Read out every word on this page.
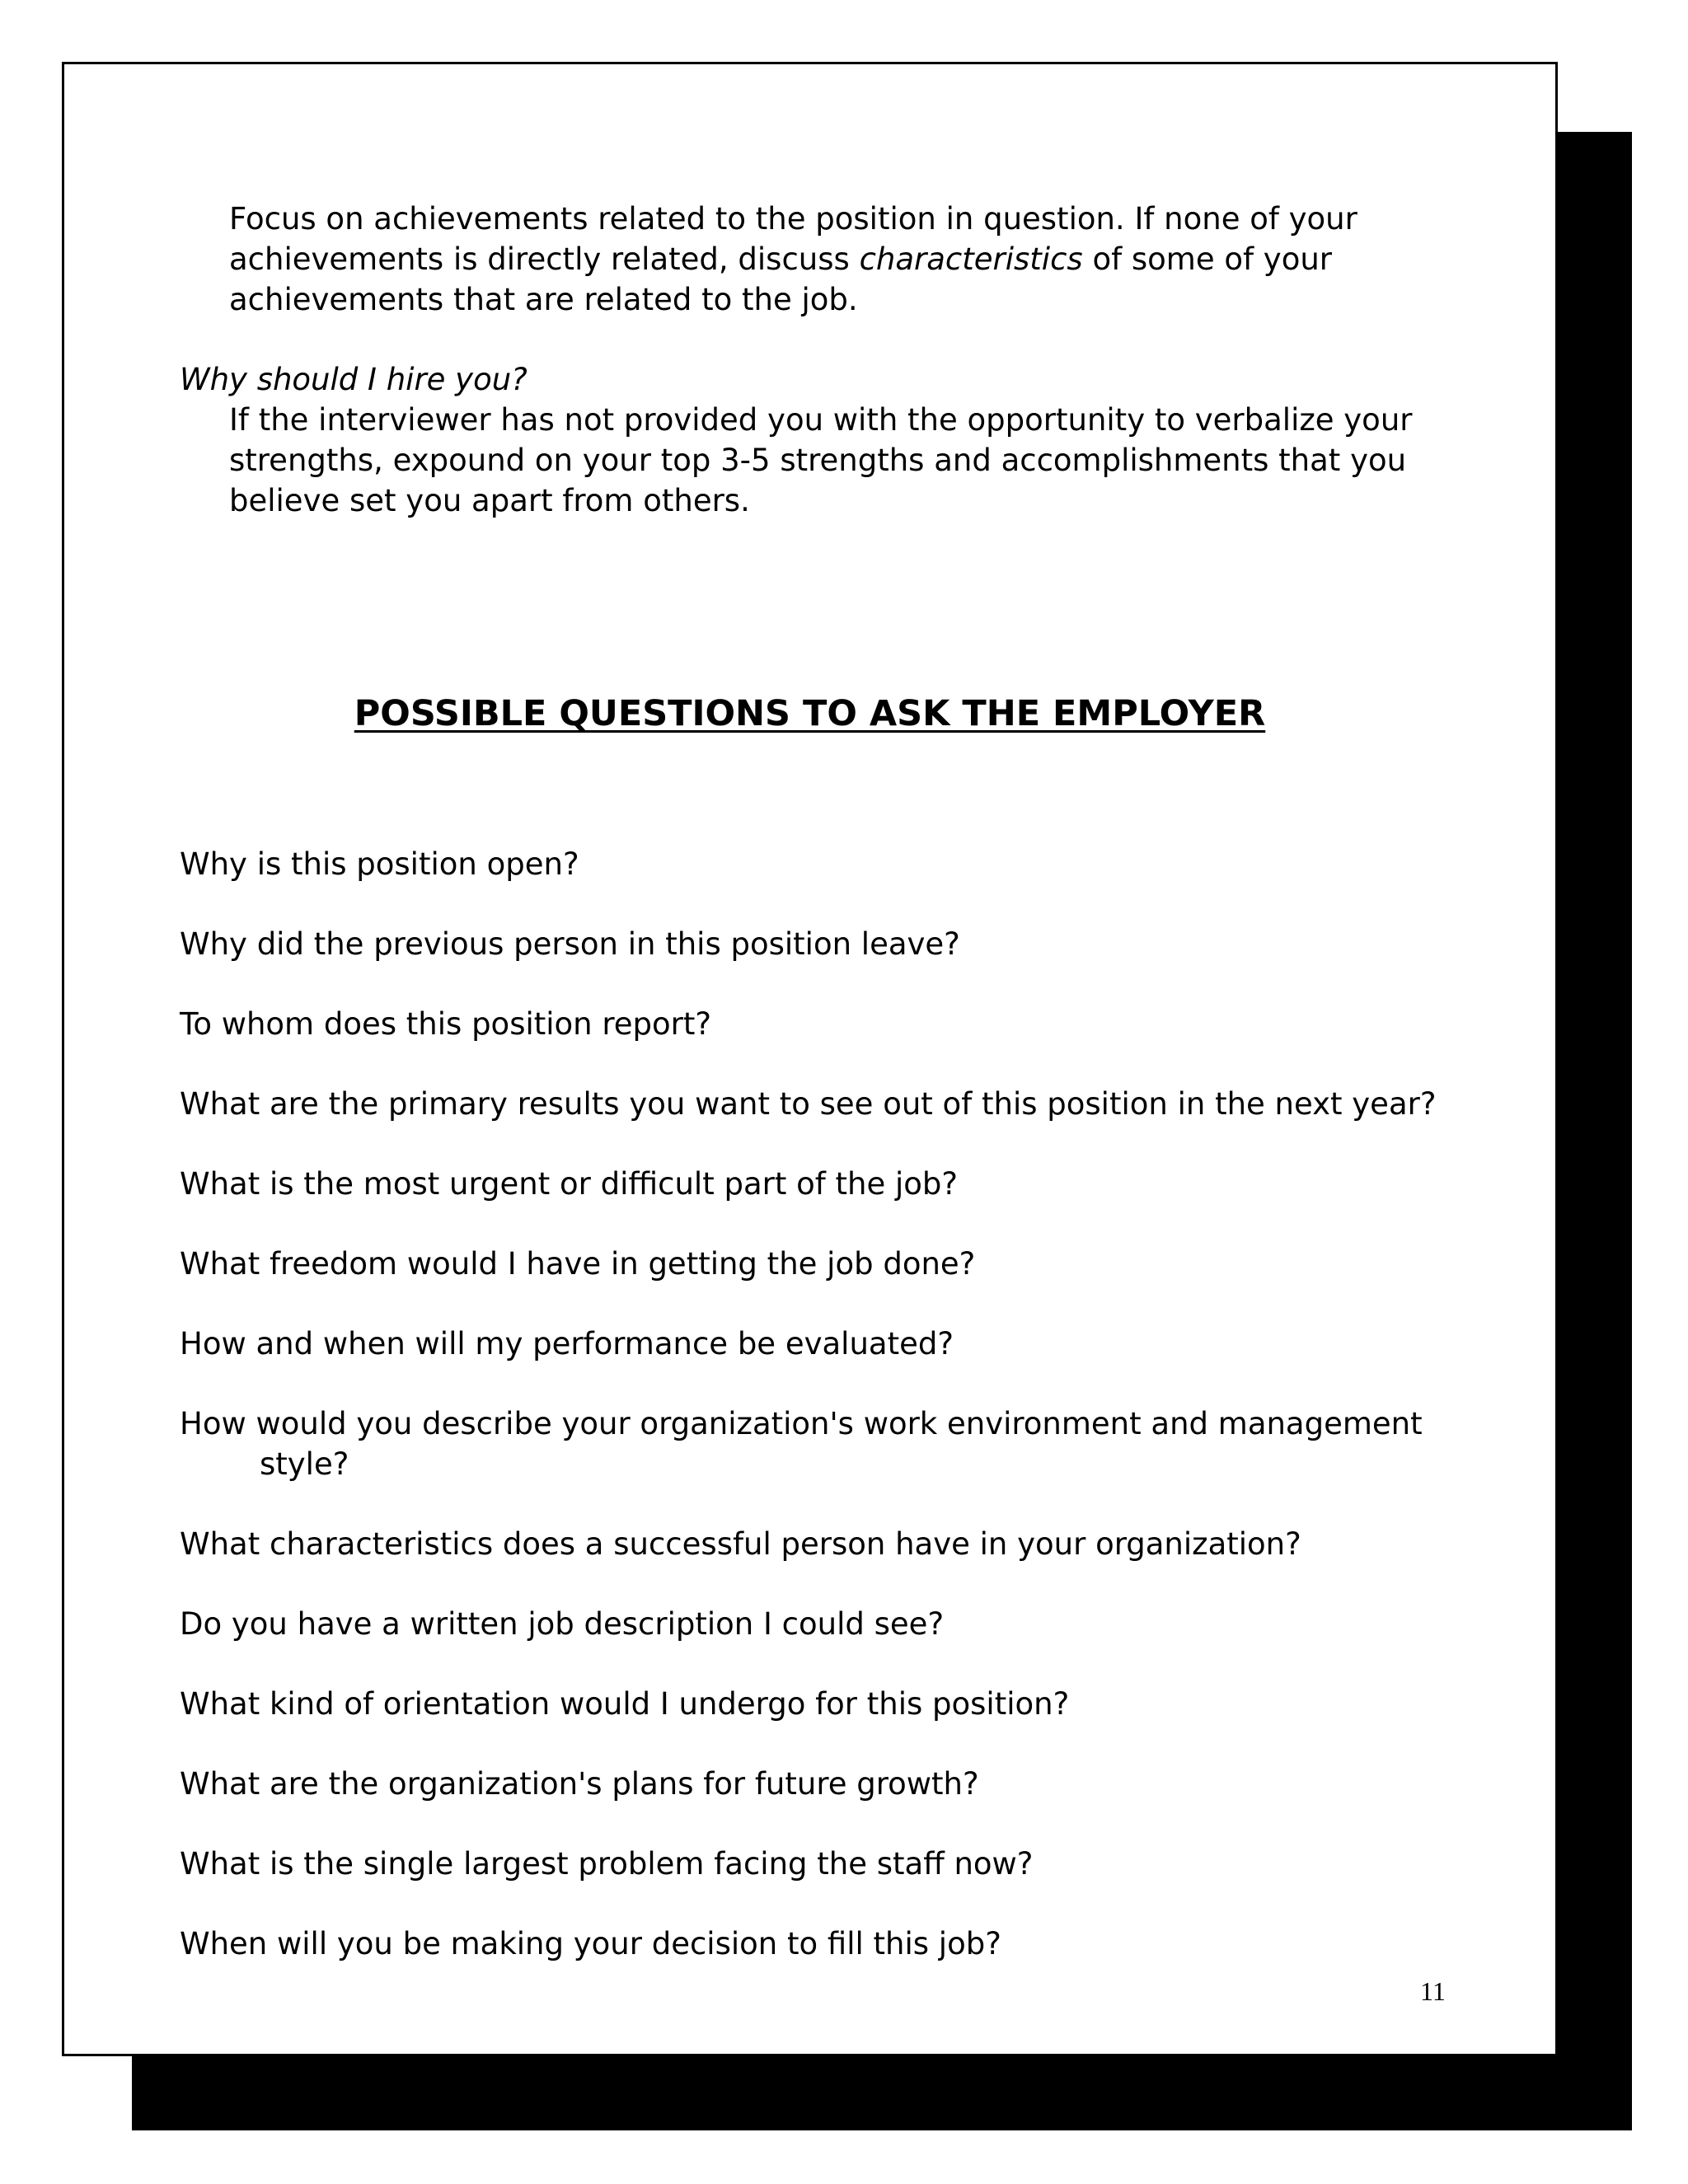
Focus on achievements related to the position in question. If none of your achievements is directly related, discuss characteristics of some of your achievements that are related to the job.

Why should I hire you?

If the interviewer has not provided you with the opportunity to verbalize your strengths, expound on your top 3-5 strengths and accomplishments that you believe set you apart from others.

POSSIBLE QUESTIONS TO ASK THE EMPLOYER

Why is this position open?

Why did the previous person in this position leave?

To whom does this position report?

What are the primary results you want to see out of this position in the next year?

What is the most urgent or difficult part of the job?

What freedom would I have in getting the job done?

How and when will my performance be evaluated?

How would you describe your organization's work environment and management style?

What characteristics does a successful person have in your organization?

Do you have a written job description I could see?

What kind of orientation would I undergo for this position?

What are the organization's plans for future growth?

What is the single largest problem facing the staff now?

When will you be making your decision to fill this job?

11
